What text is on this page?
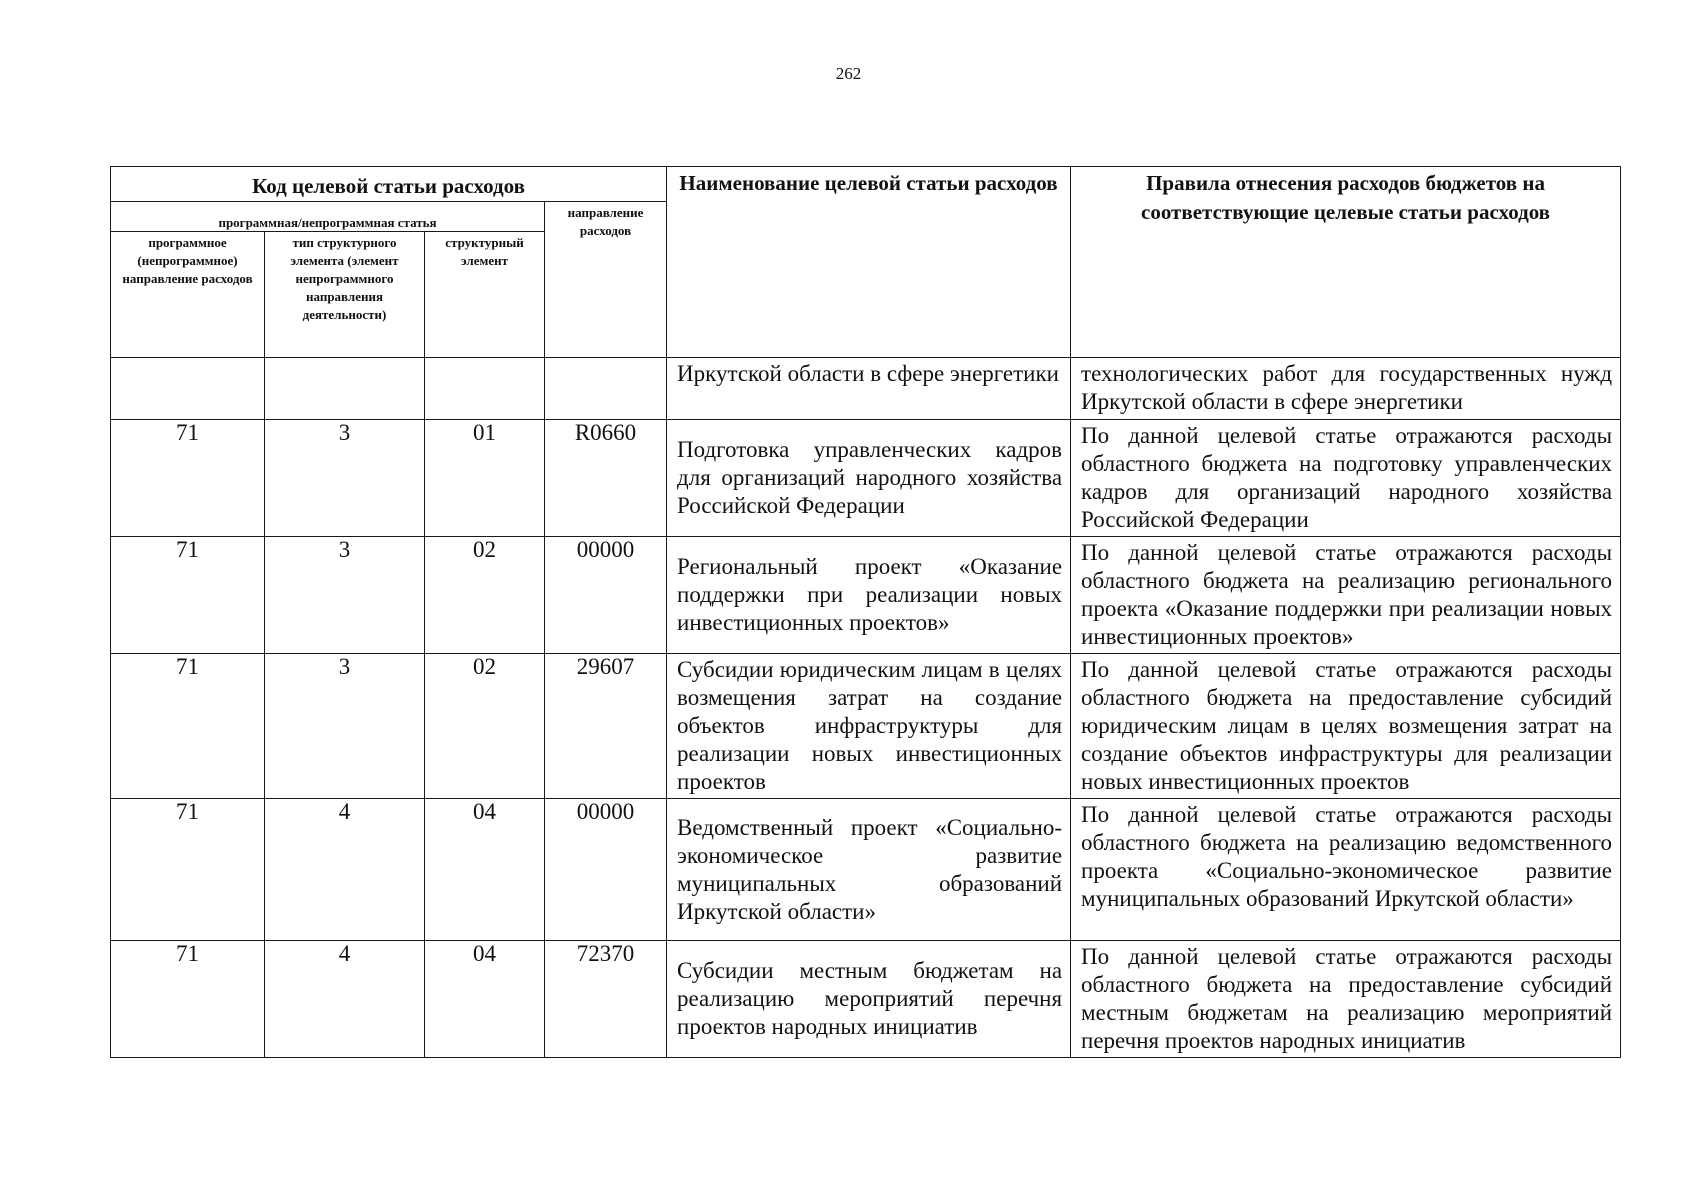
262
Код целевой статьи расходов				Наименование целевой статьи расходов	Правила отнесения расходов бюджетов на соответствующие целевые статьи расходов
программная/непрограммная статья			направление расходов		
программное (непрограммное) направление расходов	тип структурного элемента (элемент непрограммного направления деятельности)	структурный элемент			
				Иркутской области в сфере энергетики	технологических работ для государственных нужд Иркутской области в сфере энергетики
71	3	01	R0660	Подготовка управленческих кадров для организаций народного хозяйства Российской Федерации	По данной целевой статье отражаются расходы областного бюджета на подготовку управленческих кадров для организаций народного хозяйства Российской Федерации
71	3	02	00000	Региональный проект «Оказание поддержки при реализации новых инвестиционных проектов»	По данной целевой статье отражаются расходы областного бюджета на реализацию регионального проекта «Оказание поддержки при реализации новых инвестиционных проектов»
71	3	02	29607	Субсидии юридическим лицам в целях возмещения затрат на создание объектов инфраструктуры для реализации новых инвестиционных проектов	По данной целевой статье отражаются расходы областного бюджета на предоставление субсидий юридическим лицам в целях возмещения затрат на создание объектов инфраструктуры для реализации новых инвестиционных проектов
71	4	04	00000	Ведомственный проект «Социально-экономическое развитие муниципальных образований Иркутской области»	По данной целевой статье отражаются расходы областного бюджета на реализацию ведомственного проекта «Социально-экономическое развитие муниципальных образований Иркутской области»
71	4	04	72370	Субсидии местным бюджетам на реализацию мероприятий перечня проектов народных инициатив	По данной целевой статье отражаются расходы областного бюджета на предоставление субсидий местным бюджетам на реализацию мероприятий перечня проектов народных инициатив
